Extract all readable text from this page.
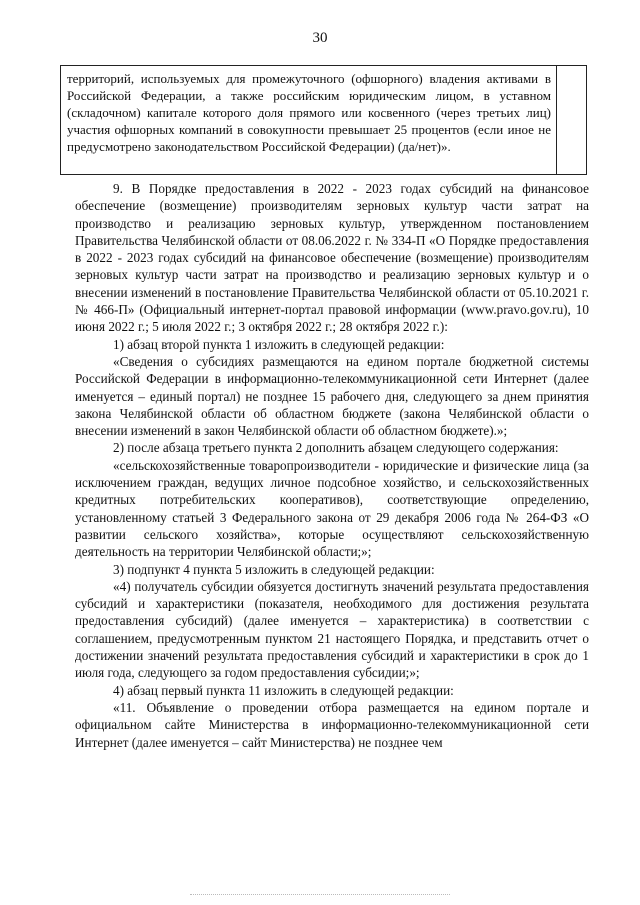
30
территорий, используемых для промежуточного (офшорного) владения активами в Российской Федерации, а также российским юридическим лицом, в уставном (складочном) капитале которого доля прямого или косвенного (через третьих лиц) участия офшорных компаний в совокупности превышает 25 процентов (если иное не предусмотрено законодательством Российской Федерации) (да/нет)».

9. В Порядке предоставления в 2022 - 2023 годах субсидий на финансовое обеспечение (возмещение) производителям зерновых культур части затрат на производство и реализацию зерновых культур, утвержденном постановлением Правительства Челябинской области от 08.06.2022 г. № 334-П «О Порядке предоставления в 2022 - 2023 годах субсидий на финансовое обеспечение (возмещение) производителям зерновых культур части затрат на производство и реализацию зерновых культур и о внесении изменений в постановление Правительства Челябинской области от 05.10.2021 г. № 466-П» (Официальный интернет-портал правовой информации (www.pravo.gov.ru), 10 июня 2022 г.; 5 июля 2022 г.; 3 октября 2022 г.; 28 октября 2022 г.):

1) абзац второй пункта 1 изложить в следующей редакции:

«Сведения о субсидиях размещаются на едином портале бюджетной системы Российской Федерации в информационно-телекоммуникационной сети Интернет (далее именуется – единый портал) не позднее 15 рабочего дня, следующего за днем принятия закона Челябинской области об областном бюджете (закона Челябинской области о внесении изменений в закон Челябинской области об областном бюджете).»;

2) после абзаца третьего пункта 2 дополнить абзацем следующего содержания:

«сельскохозяйственные товаропроизводители - юридические и физические лица (за исключением граждан, ведущих личное подсобное хозяйство, и сельскохозяйственных кредитных потребительских кооперативов), соответствующие определению, установленному статьей 3 Федерального закона от 29 декабря 2006 года № 264-ФЗ «О развитии сельского хозяйства», которые осуществляют сельскохозяйственную деятельность на территории Челябинской области;»;

3) подпункт 4 пункта 5 изложить в следующей редакции:

«4) получатель субсидии обязуется достигнуть значений результата предоставления субсидий и характеристики (показателя, необходимого для достижения результата предоставления субсидий) (далее именуется – характеристика) в соответствии с соглашением, предусмотренным пунктом 21 настоящего Порядка, и представить отчет о достижении значений результата предоставления субсидий и характеристики в срок до 1 июля года, следующего за годом предоставления субсидии;»;

4) абзац первый пункта 11 изложить в следующей редакции:

«11. Объявление о проведении отбора размещается на едином портале и официальном сайте Министерства в информационно-телекоммуникационной сети Интернет (далее именуется – сайт Министерства) не позднее чем
